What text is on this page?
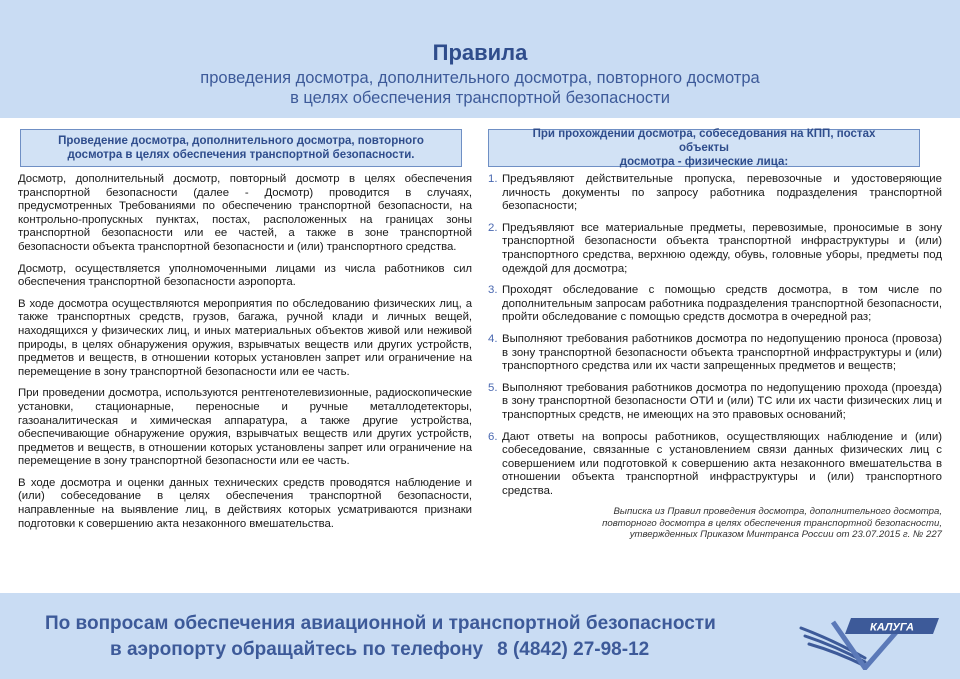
Правила
проведения досмотра, дополнительного досмотра, повторного досмотра
в целях обеспечения транспортной безопасности
Проведение досмотра, дополнительного досмотра, повторного
досмотра в целях обеспечения транспортной безопасности.

Досмотр, дополнительный досмотр, повторный досмотр в целях обеспечения транспортной безопасности (далее - Досмотр) проводится в случаях, предусмотренных Требованиями по обеспечению транспортной безопасности, на контрольно-пропускных пунктах, постах, расположенных на границах зоны транспортной безопасности или ее частей, а также в зоне транспортной безопасности объекта транспортной безопасности и (или) транспортного средства.

Досмотр, осуществляется уполномоченными лицами из числа работников сил обеспечения транспортной безопасности аэропорта.

В ходе досмотра осуществляются мероприятия по обследованию физических лиц, а также транспортных средств, грузов, багажа, ручной клади и личных вещей, находящихся у физических лиц, и иных материальных объектов живой или неживой природы, в целях обнаружения оружия, взрывчатых веществ или других устройств, предметов и веществ, в отношении которых установлен запрет или ограничение на перемещение в зону транспортной безопасности или ее часть.

При проведении досмотра, используются рентгенотелевизионные, радиоскопические установки, стационарные, переносные и ручные металлодетекторы, газоаналитическая и химическая аппаратура, а также другие устройства, обеспечивающие обнаружение оружия, взрывчатых веществ или других устройств, предметов и веществ, в отношении которых установлены запрет или ограничение на перемещение в зону транспортной безопасности или ее часть.

В ходе досмотра и оценки данных технических средств проводятся наблюдение и (или) собеседование в целях обеспечения транспортной безопасности, направленные на выявление лиц, в действиях которых усматриваются признаки подготовки к совершению акта незаконного вмешательства.

При прохождении досмотра, собеседования на КПП, постах объекты
досмотра - физические лица:
1. Предъявляют действительные пропуска, перевозочные и удостоверяющие личность документы по запросу работника подразделения транспортной безопасности;
2. Предъявляют все материальные предметы, перевозимые, проносимые в зону транспортной безопасности объекта транспортной инфраструктуры и (или) транспортного средства, верхнюю одежду, обувь, головные уборы, предметы под одеждой для досмотра;
3. Проходят обследование с помощью средств досмотра, в том числе по дополнительным запросам работника подразделения транспортной безопасности, пройти обследование с помощью средств досмотра в очередной раз;
4. Выполняют требования работников досмотра по недопущению проноса (провоза) в зону транспортной безопасности объекта транспортной инфраструктуры и (или) транспортного средства или их части запрещенных предметов и веществ;
5. Выполняют требования работников досмотра по недопущению прохода (проезда) в зону транспортной безопасности ОТИ и (или) ТС или их части физических лиц и транспортных средств, не имеющих на это правовых оснований;
6. Дают ответы на вопросы работников, осуществляющих наблюдение и (или) собеседование, связанные с установлением связи данных физических лиц с совершением или подготовкой к совершению акта незаконного вмешательства в отношении объекта транспортной инфраструктуры и (или) транспортного средства.
Выписка из Правил проведения досмотра, дополнительного досмотра,
повторного досмотра в целях обеспечения транспортной безопасности,
утвержденных Приказом Минтранса России от 23.07.2015 г. № 227
По вопросам обеспечения авиационной и транспортной безопасности
в аэропорту обращайтесь по телефону 8 (4842) 27-98-12
КАЛУГА
